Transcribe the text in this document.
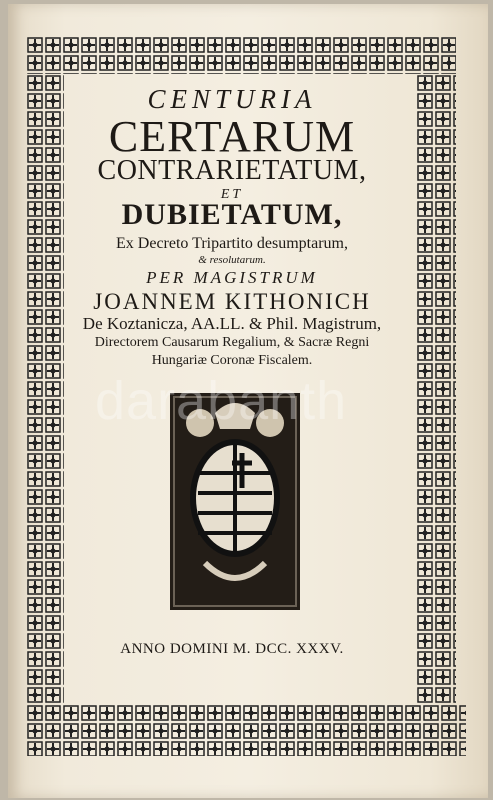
CENTURIA
CERTARUM
CONTRARIETATUM,
ET
DUBIETATUM,
Ex Decreto Tripartito desumptarum,
& resolutarum.
PER MAGISTRUM
JOANNEM KITHONICH
De Koztanicza, AA.LL. & Phil. Magistrum,
Directorem Causarum Regalium, & Sacræ Regni
Hungariæ Coronæ Fiscalem.
darabanth
ANNO DOMINI M. DCC. XXXV.
